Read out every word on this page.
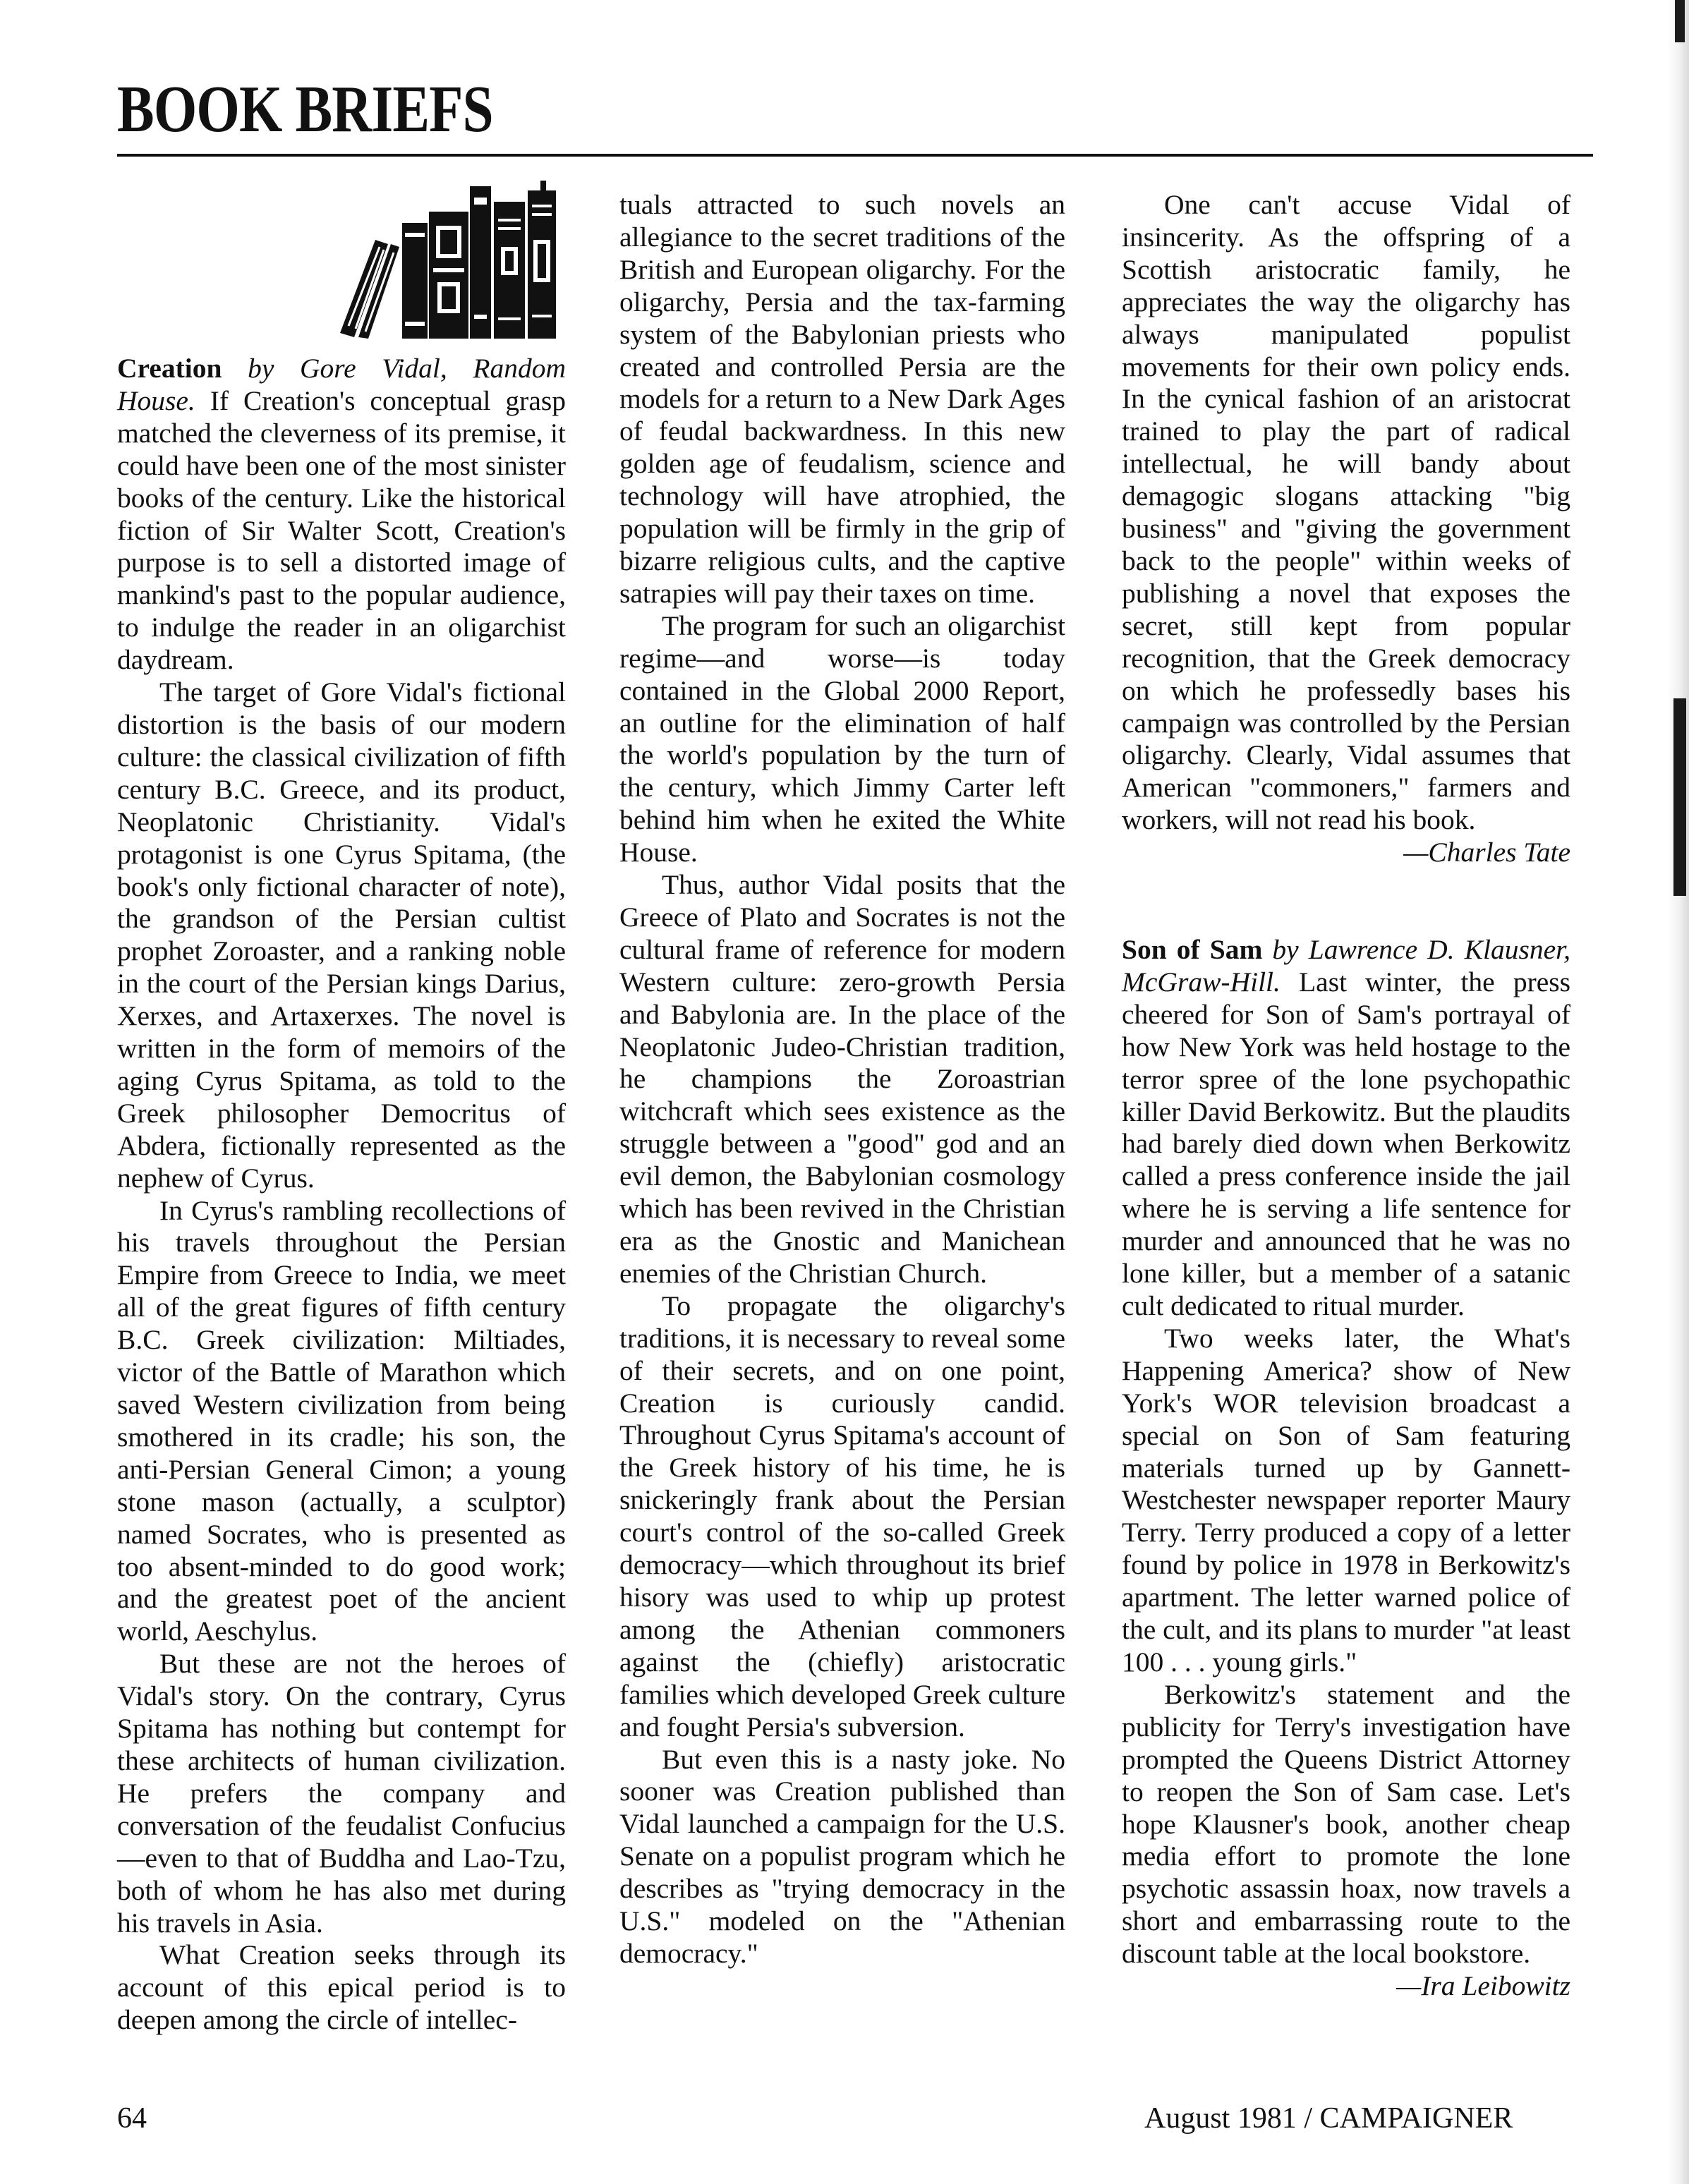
BOOK BRIEFS

Creation by Gore Vidal, Random House. If Creation's conceptual grasp matched the cleverness of its premise, it could have been one of the most sinister books of the century. Like the historical fiction of Sir Walter Scott, Creation's purpose is to sell a distorted image of mankind's past to the popular audience, to indulge the reader in an oligarchist daydream.

The target of Gore Vidal's fictional distortion is the basis of our modern culture: the classical civilization of fifth century B.C. Greece, and its product, Neoplatonic Christianity. Vidal's protagonist is one Cyrus Spitama, (the book's only fictional character of note), the grandson of the Persian cultist prophet Zoroaster, and a ranking noble in the court of the Persian kings Darius, Xerxes, and Artaxerxes. The novel is written in the form of memoirs of the aging Cyrus Spitama, as told to the Greek philosopher Democritus of Abdera, fictionally represented as the nephew of Cyrus.

In Cyrus's rambling recollections of his travels throughout the Persian Empire from Greece to India, we meet all of the great figures of fifth century B.C. Greek civilization: Miltiades, victor of the Battle of Marathon which saved Western civilization from being smothered in its cradle; his son, the anti-Persian General Cimon; a young stone mason (actually, a sculptor) named Socrates, who is presented as too absent-minded to do good work; and the greatest poet of the ancient world, Aeschylus.

But these are not the heroes of Vidal's story. On the contrary, Cyrus Spitama has nothing but contempt for these architects of human civilization. He prefers the company and conversation of the feudalist Confucius—even to that of Buddha and Lao-Tzu, both of whom he has also met during his travels in Asia.

What Creation seeks through its account of this epical period is to deepen among the circle of intellec-

tuals attracted to such novels an allegiance to the secret traditions of the British and European oligarchy. For the oligarchy, Persia and the tax-farming system of the Babylonian priests who created and controlled Persia are the models for a return to a New Dark Ages of feudal backwardness. In this new golden age of feudalism, science and technology will have atrophied, the population will be firmly in the grip of bizarre religious cults, and the captive satrapies will pay their taxes on time.

The program for such an oligarchist regime—and worse—is today contained in the Global 2000 Report, an outline for the elimination of half the world's population by the turn of the century, which Jimmy Carter left behind him when he exited the White House.

Thus, author Vidal posits that the Greece of Plato and Socrates is not the cultural frame of reference for modern Western culture: zero-growth Persia and Babylonia are. In the place of the Neoplatonic Judeo-Christian tradition, he champions the Zoroastrian witchcraft which sees existence as the struggle between a "good" god and an evil demon, the Babylonian cosmology which has been revived in the Christian era as the Gnostic and Manichean enemies of the Christian Church.

To propagate the oligarchy's traditions, it is necessary to reveal some of their secrets, and on one point, Creation is curiously candid. Throughout Cyrus Spitama's account of the Greek history of his time, he is snickeringly frank about the Persian court's control of the so-called Greek democracy—which throughout its brief hisory was used to whip up protest among the Athenian commoners against the (chiefly) aristocratic families which developed Greek culture and fought Persia's subversion.

But even this is a nasty joke. No sooner was Creation published than Vidal launched a campaign for the U.S. Senate on a populist program which he describes as "trying democracy in the U.S." modeled on the "Athenian democracy."

One can't accuse Vidal of insincerity. As the offspring of a Scottish aristocratic family, he appreciates the way the oligarchy has always manipulated populist movements for their own policy ends. In the cynical fashion of an aristocrat trained to play the part of radical intellectual, he will bandy about demagogic slogans attacking "big business" and "giving the government back to the people" within weeks of publishing a novel that exposes the secret, still kept from popular recognition, that the Greek democracy on which he professedly bases his campaign was controlled by the Persian oligarchy. Clearly, Vidal assumes that American "commoners," farmers and workers, will not read his book.

—Charles Tate

Son of Sam by Lawrence D. Klausner, McGraw-Hill. Last winter, the press cheered for Son of Sam's portrayal of how New York was held hostage to the terror spree of the lone psychopathic killer David Berkowitz. But the plaudits had barely died down when Berkowitz called a press conference inside the jail where he is serving a life sentence for murder and announced that he was no lone killer, but a member of a satanic cult dedicated to ritual murder.

Two weeks later, the What's Happening America? show of New York's WOR television broadcast a special on Son of Sam featuring materials turned up by Gannett-Westchester newspaper reporter Maury Terry. Terry produced a copy of a letter found by police in 1978 in Berkowitz's apartment. The letter warned police of the cult, and its plans to murder "at least 100 . . . young girls."

Berkowitz's statement and the publicity for Terry's investigation have prompted the Queens District Attorney to reopen the Son of Sam case. Let's hope Klausner's book, another cheap media effort to promote the lone psychotic assassin hoax, now travels a short and embarrassing route to the discount table at the local bookstore.

—Ira Leibowitz

64	August 1981 / CAMPAIGNER
